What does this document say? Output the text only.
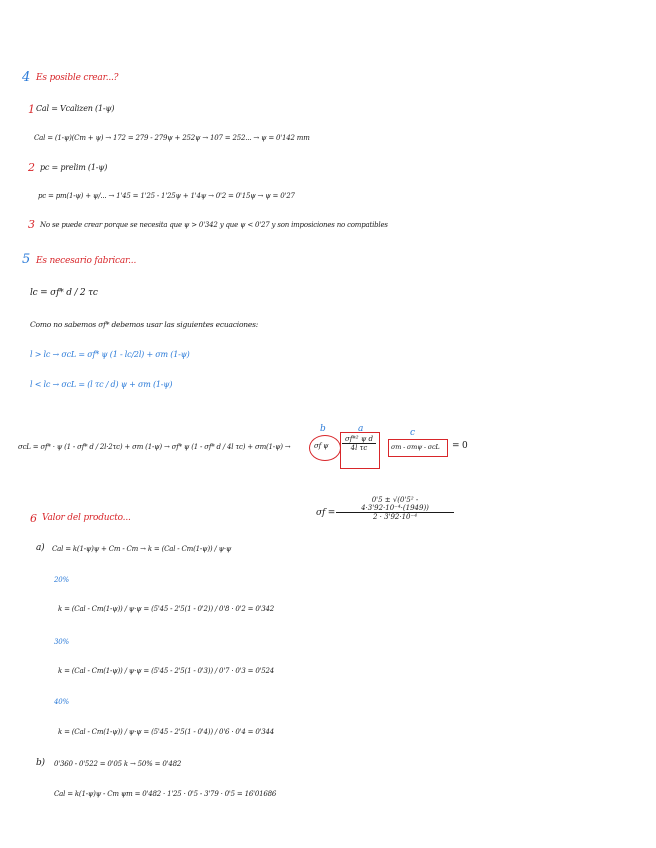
4 Es posible crear...?
1 Cal = Vcalizen (1-ψ)
Cal = (1-ψ)(Cm + ψ) → 172 = 279 - 279ψ + 252ψ → 107 = 252... → ψ = 0'142 mm
2 pc = prelim (1-ψ)
pc = pm(1-ψ) + ψ/... → 1'45 = 1'25 - 1'25ψ + 1'4ψ → 0'2 = 0'15ψ → ψ = 0'27
3 No se puede crear porque se necesita que ψ > 0'342 y que ψ < 0'27 y son imposiciones no compatibles
5 Es necesario fabricar...
lc = σf* d / 2 τc
Como no sabemos σf* debemos usar las siguientes ecuaciones:
l > lc → σcL = σf* ψ (1 - lc/2l) + σm (1-ψ)
l < lc → σcL = (l τc / d) ψ + σm (1-ψ)
σcL = σf* · ψ (1 - σf* d / 2l·2τc) + σm (1-ψ) → σf* ψ (1 - σf* d / 4l τc) + σm(1-ψ) →
b	a	c
σf ψ $\frac{\text{σf*² ψ d}}{\text{4l τc}}$ σm - σmψ - σcL = 0
6 Valor del producto...	$\sigma f = \frac{\text{0'5 ± √(0'5² - 4·3'92·10⁻⁴·(1949))}}{\text{2 · 3'92·10⁻⁴}}$
a) Cal = k(1-ψ)ψ + Cm - Cm → k = (Cal - Cm(1-ψ)) / ψ·ψ
20%
k = (Cal - Cm(1-ψ)) / ψ·ψ = (5'45 - 2'5(1 - 0'2)) / 0'8 · 0'2 = 0'342
30%
k = (Cal - Cm(1-ψ)) / ψ·ψ = (5'45 - 2'5(1 - 0'3)) / 0'7 · 0'3 = 0'524
40%
k = (Cal - Cm(1-ψ)) / ψ·ψ = (5'45 - 2'5(1 - 0'4)) / 0'6 · 0'4 = 0'344
b) 0'360 - 0'522 = 0'05 k → 50% = 0'482
Cal = k(1-ψ)ψ - Cm ψm = 0'482 · 1'25 · 0'5 - 3'79 · 0'5 = 16'01686
